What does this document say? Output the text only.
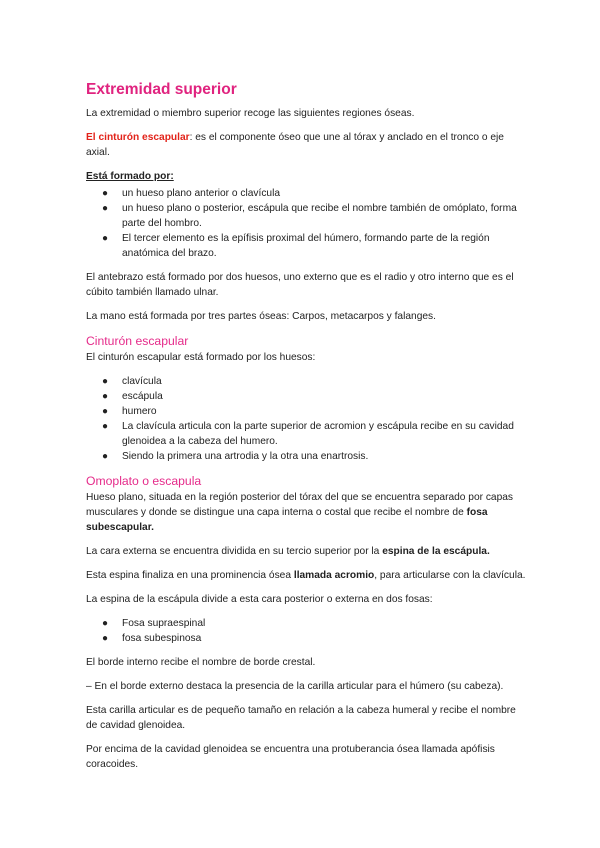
Extremidad superior

La extremidad o miembro superior recoge las siguientes regiones óseas.

El cinturón escapular: es el componente óseo que une al tórax y anclado en el tronco o eje axial.

Está formado por:

● un hueso plano anterior o clavícula
● un hueso plano o posterior, escápula que recibe el nombre también de omóplato, forma parte del hombro.
● El tercer elemento es la epífisis proximal del húmero, formando parte de la región anatómica del brazo.

El antebrazo está formado por dos huesos, uno externo que es el radio y otro interno que es el cúbito también llamado ulnar.

La mano está formada por tres partes óseas: Carpos, metacarpos y falanges.

Cinturón escapular

El cinturón escapular está formado por los huesos:

● clavícula
● escápula
● humero
● La clavícula articula con la parte superior de acromion y escápula recibe en su cavidad glenoidea a la cabeza del humero.
● Siendo la primera una artrodia y la otra una enartrosis.
Omoplato o escapula

Hueso plano, situada en la región posterior del tórax del que se encuentra separado por capas musculares y donde se distingue una capa interna o costal que recibe el nombre de fosa subescapular.

La cara externa se encuentra dividida en su tercio superior por la espina de la escápula.

Esta espina finaliza en una prominencia ósea llamada acromio, para articularse con la clavícula.

La espina de la escápula divide a esta cara posterior o externa en dos fosas:

● Fosa supraespinal
● fosa subespinosa

El borde interno recibe el nombre de borde crestal.

– En el borde externo destaca la presencia de la carilla articular para el húmero (su cabeza).

Esta carilla articular es de pequeño tamaño en relación a la cabeza humeral y recibe el nombre de cavidad glenoidea.

Por encima de la cavidad glenoidea se encuentra una protuberancia ósea llamada apófisis coracoides.
